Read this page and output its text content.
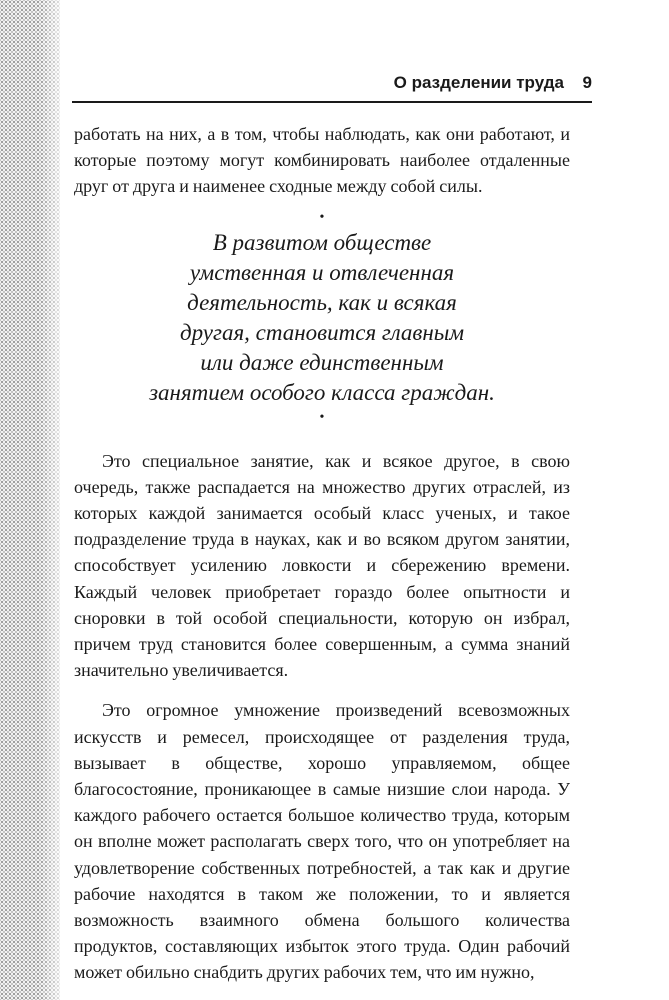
О разделении труда 9

работать на них, а в том, чтобы наблюдать, как они работают, и которые поэтому могут комбинировать наиболее отдаленные друг от друга и наименее сходные между собой силы.

•
В развитом обществе
умственная и отвлеченная
деятельность, как и всякая
другая, становится главным
или даже единственным
занятием особого класса граждан.
•

Это специальное занятие, как и всякое другое, в свою очередь, также распадается на множество других отраслей, из которых каждой занимается особый класс ученых, и такое подразделение труда в науках, как и во всяком другом занятии, способствует усилению ловкости и сбережению времени. Каждый человек приобретает гораздо более опытности и сноровки в той особой специальности, которую он избрал, причем труд становится более совершенным, а сумма знаний значительно увеличивается.

Это огромное умножение произведений всевозможных искусств и ремесел, происходящее от разделения труда, вызывает в обществе, хорошо управляемом, общее благосостояние, проникающее в самые низшие слои народа. У каждого рабочего остается большое количество труда, которым он вполне может располагать сверх того, что он употребляет на удовлетворение собственных потребностей, а так как и другие рабочие находятся в таком же положении, то и является возможность взаимного обмена большого количества продуктов, составляющих избыток этого труда. Один рабочий может обильно снабдить других рабочих тем, что им нужно,
